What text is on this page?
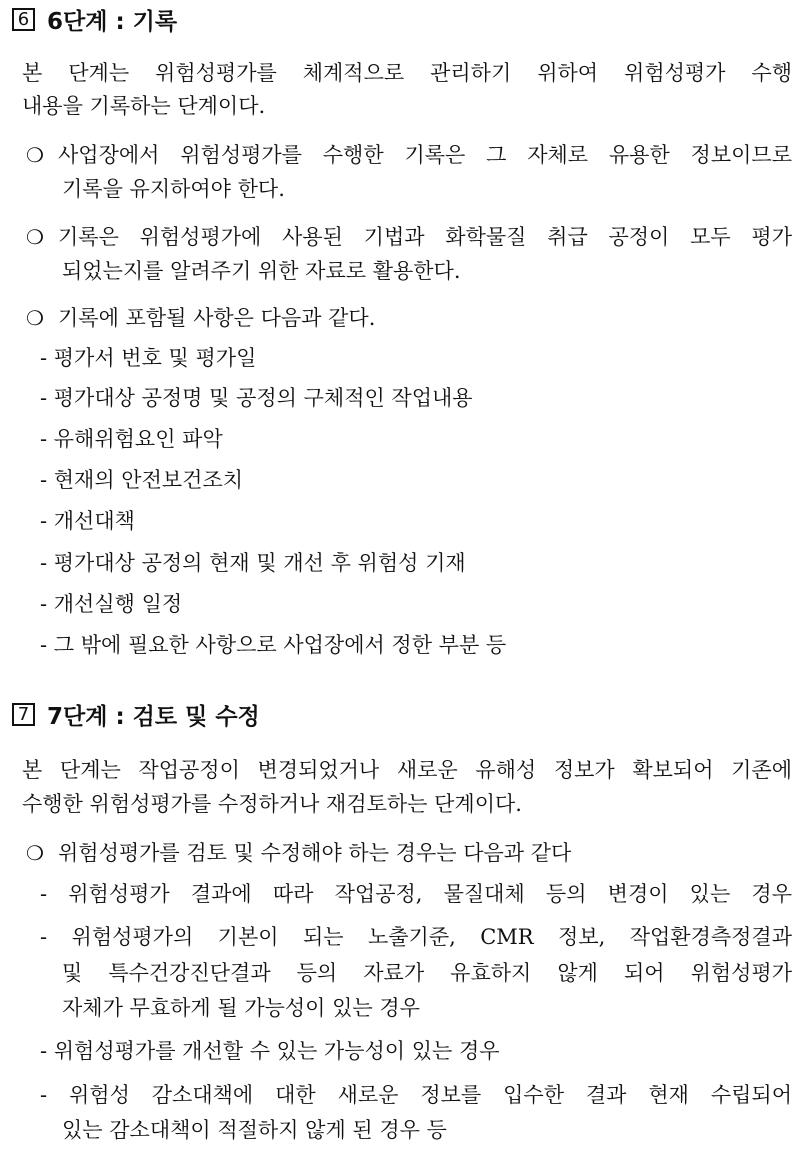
6 6단계 : 기록
본 단계는 위험성평가를 체계적으로 관리하기 위하여 위험성평가 수행
내용을 기록하는 단계이다.
❍ 사업장에서 위험성평가를 수행한 기록은 그 자체로 유용한 정보이므로
기록을 유지하여야 한다.
❍ 기록은 위험성평가에 사용된 기법과 화학물질 취급 공정이 모두 평가
되었는지를 알려주기 위한 자료로 활용한다.
❍ 기록에 포함될 사항은 다음과 같다.
- 평가서 번호 및 평가일
- 평가대상 공정명 및 공정의 구체적인 작업내용
- 유해위험요인 파악
- 현재의 안전보건조치
- 개선대책
- 평가대상 공정의 현재 및 개선 후 위험성 기재
- 개선실행 일정
- 그 밖에 필요한 사항으로 사업장에서 정한 부분 등
7 7단계 : 검토 및 수정
본 단계는 작업공정이 변경되었거나 새로운 유해성 정보가 확보되어 기존에
수행한 위험성평가를 수정하거나 재검토하는 단계이다.
❍ 위험성평가를 검토 및 수정해야 하는 경우는 다음과 같다
- 위험성평가 결과에 따라 작업공정, 물질대체 등의 변경이 있는 경우
- 위험성평가의 기본이 되는 노출기준, CMR 정보, 작업환경측정결과
및 특수건강진단결과 등의 자료가 유효하지 않게 되어 위험성평가
자체가 무효하게 될 가능성이 있는 경우
- 위험성평가를 개선할 수 있는 가능성이 있는 경우
- 위험성 감소대책에 대한 새로운 정보를 입수한 결과 현재 수립되어
있는 감소대책이 적절하지 않게 된 경우 등
